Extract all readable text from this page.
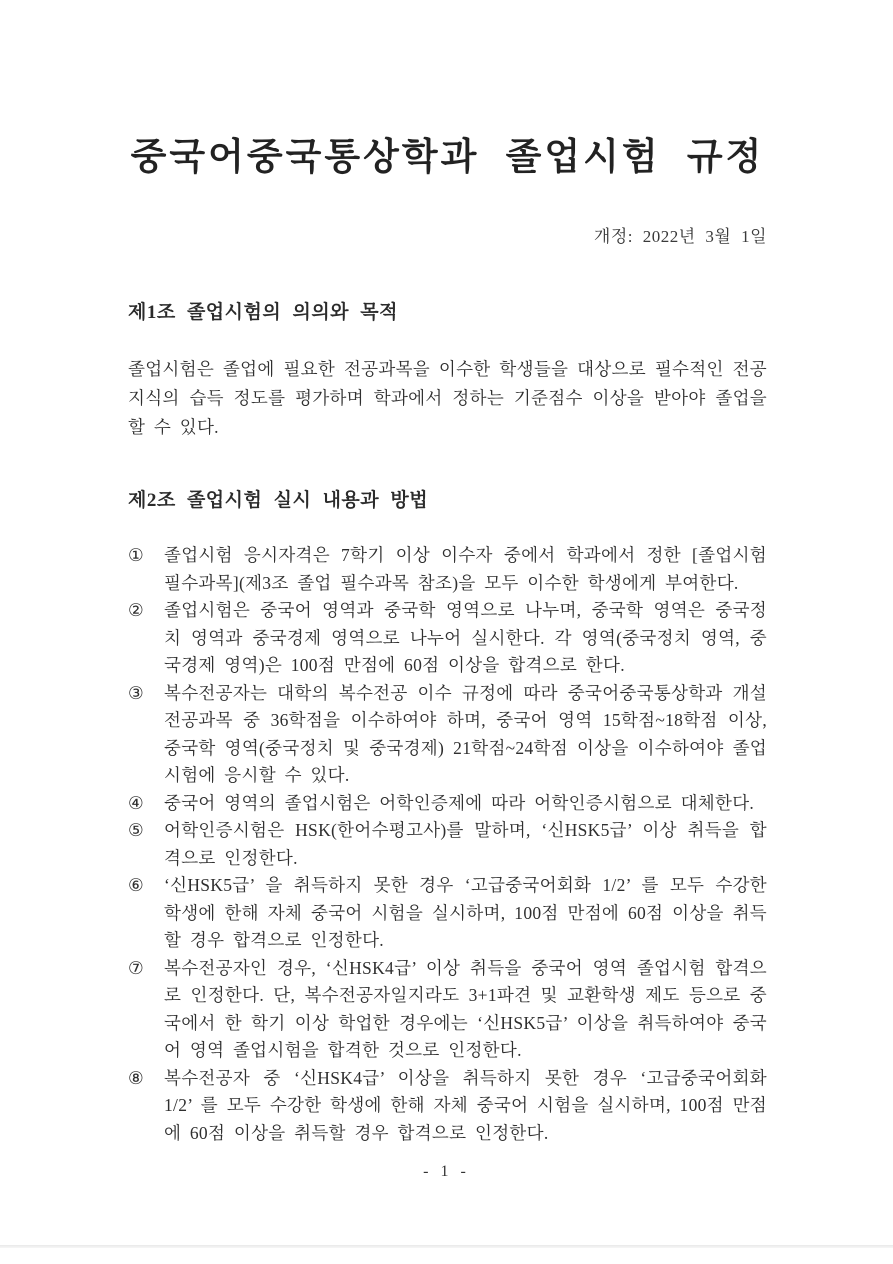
중국어중국통상학과 졸업시험 규정
개정: 2022년 3월 1일
제1조 졸업시험의 의의와 목적

졸업시험은 졸업에 필요한 전공과목을 이수한 학생들을 대상으로 필수적인 전공지식의 습득 정도를 평가하며 학과에서 정하는 기준점수 이상을 받아야 졸업을 할 수 있다.

제2조 졸업시험 실시 내용과 방법
①	졸업시험 응시자격은 7학기 이상 이수자 중에서 학과에서 정한 [졸업시험 필수과목](제3조 졸업 필수과목 참조)을 모두 이수한 학생에게 부여한다.
②	졸업시험은 중국어 영역과 중국학 영역으로 나누며, 중국학 영역은 중국정치 영역과 중국경제 영역으로 나누어 실시한다. 각 영역(중국정치 영역, 중국경제 영역)은 100점 만점에 60점 이상을 합격으로 한다.
③	복수전공자는 대학의 복수전공 이수 규정에 따라 중국어중국통상학과 개설 전공과목 중 36학점을 이수하여야 하며, 중국어 영역 15학점~18학점 이상, 중국학 영역(중국정치 및 중국경제) 21학점~24학점 이상을 이수하여야 졸업시험에 응시할 수 있다.
④	중국어 영역의 졸업시험은 어학인증제에 따라 어학인증시험으로 대체한다.
⑤	어학인증시험은 HSK(한어수평고사)를 말하며, ‘신HSK5급’ 이상 취득을 합격으로 인정한다.
⑥	‘신HSK5급’ 을 취득하지 못한 경우 ‘고급중국어회화 1/2’ 를 모두 수강한 학생에 한해 자체 중국어 시험을 실시하며, 100점 만점에 60점 이상을 취득할 경우 합격으로 인정한다.
⑦	복수전공자인 경우, ‘신HSK4급’ 이상 취득을 중국어 영역 졸업시험 합격으로 인정한다. 단, 복수전공자일지라도 3+1파견 및 교환학생 제도 등으로 중국에서 한 학기 이상 학업한 경우에는 ‘신HSK5급’ 이상을 취득하여야 중국어 영역 졸업시험을 합격한 것으로 인정한다.
⑧	복수전공자 중 ‘신HSK4급’ 이상을 취득하지 못한 경우 ‘고급중국어회화 1/2’ 를 모두 수강한 학생에 한해 자체 중국어 시험을 실시하며, 100점 만점에 60점 이상을 취득할 경우 합격으로 인정한다.
- 1 -
